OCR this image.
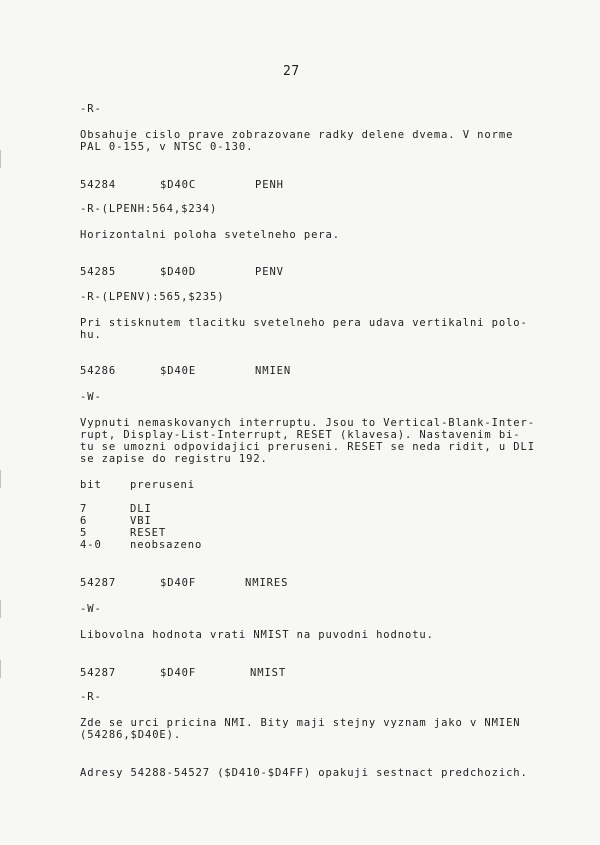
27
-R-
Obsahuje cislo prave zobrazovane radky delene dvema. V norme
PAL 0-155, v NTSC 0-130.
54284	$D40C	PENH
-R-(LPENH:564,$234)
Horizontalni poloha svetelneho pera.
54285	$D40D	PENV
-R-(LPENV):565,$235)
Pri stisknutem tlacitku svetelneho pera udava vertikalni polo-
hu.
54286	$D40E	NMIEN
-W-
Vypnuti nemaskovanych interruptu. Jsou to Vertical-Blank-Inter-
rupt, Display-List-Interrupt, RESET (klavesa). Nastavenim bi-
tu se umozni odpovidajici preruseni. RESET se neda ridit, u DLI
se zapise do registru 192.
bit	preruseni
7	DLI
6	VBI
5	RESET
4-0	neobsazeno
54287	$D40F	NMIRES
-W-
Libovolna hodnota vrati NMIST na puvodni hodnotu.
54287	$D40F	NMIST
-R-
Zde se urci pricina NMI. Bity maji stejny vyznam jako v NMIEN
(54286,$D40E).
Adresy 54288-54527 ($D410-$D4FF) opakuji sestnact predchozich.
